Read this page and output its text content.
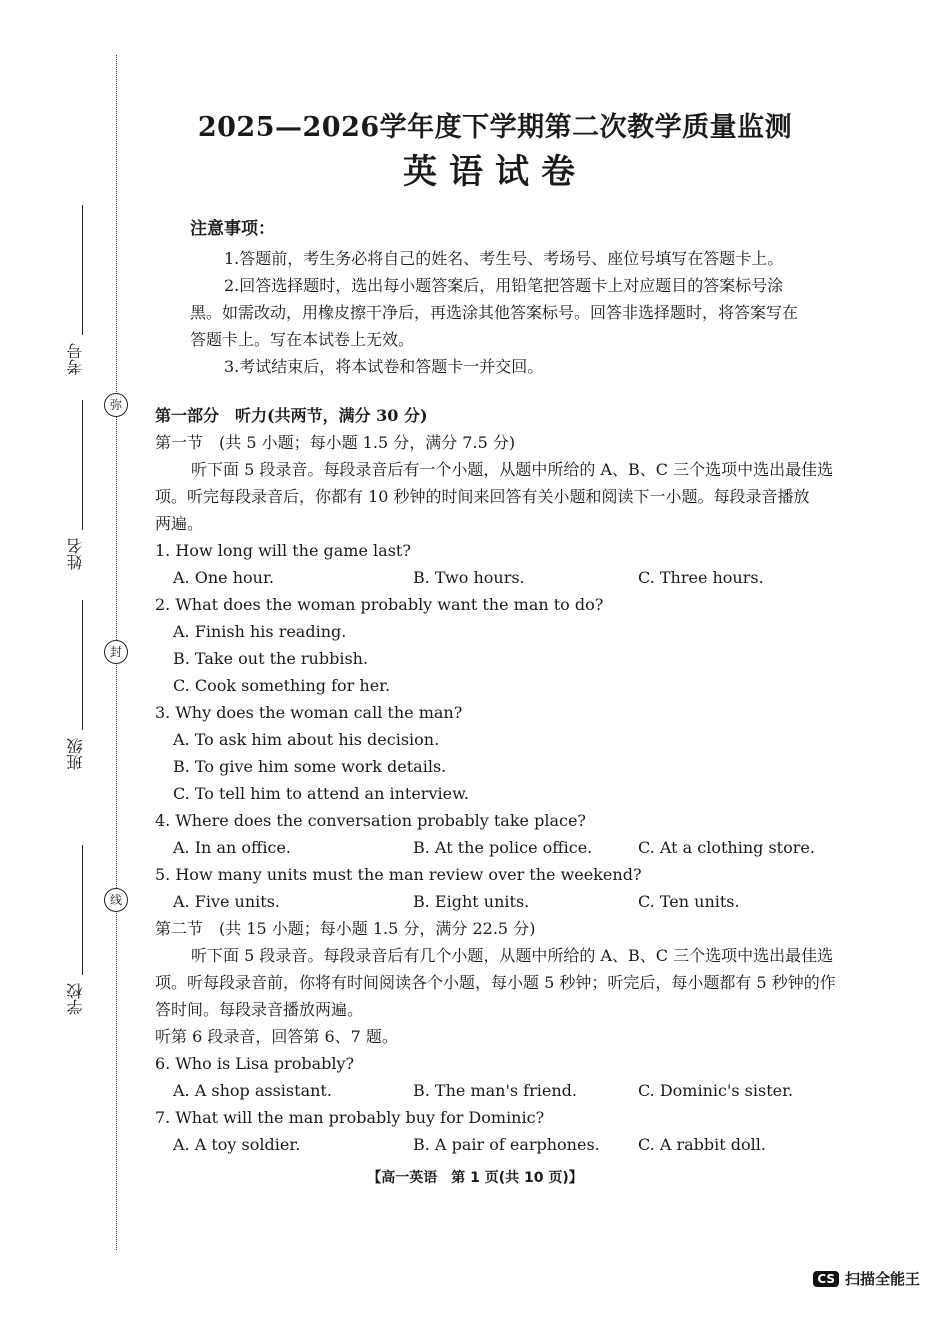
考号
姓名
班级
学校
弥
封
线
2025—2026学年度下学期第二次教学质量监测
英语试卷

注意事项：

1.答题前，考生务必将自己的姓名、考生号、考场号、座位号填写在答题卡上。

2.回答选择题时，选出每小题答案后，用铅笔把答题卡上对应题目的答案标号涂

黑。如需改动，用橡皮擦干净后，再选涂其他答案标号。回答非选择题时，将答案写在

答题卡上。写在本试卷上无效。

3.考试结束后，将本试卷和答题卡一并交回。

第一部分　听力(共两节，满分 30 分)

第一节　(共 5 小题；每小题 1.5 分，满分 7.5 分)

听下面 5 段录音。每段录音后有一个小题，从题中所给的 A、B、C 三个选项中选出最佳选

项。听完每段录音后，你都有 10 秒钟的时间来回答有关小题和阅读下一小题。每段录音播放

两遍。

1. How long will the game last?

A. One hour.	B. Two hours.	C. Three hours.

2. What does the woman probably want the man to do?

A. Finish his reading.

B. Take out the rubbish.

C. Cook something for her.

3. Why does the woman call the man?

A. To ask him about his decision.

B. To give him some work details.

C. To tell him to attend an interview.

4. Where does the conversation probably take place?

A. In an office.	B. At the police office.	C. At a clothing store.

5. How many units must the man review over the weekend?

A. Five units.	B. Eight units.	C. Ten units.

第二节　(共 15 小题；每小题 1.5 分，满分 22.5 分)

听下面 5 段录音。每段录音后有几个小题，从题中所给的 A、B、C 三个选项中选出最佳选

项。听每段录音前，你将有时间阅读各个小题，每小题 5 秒钟；听完后，每小题都有 5 秒钟的作

答时间。每段录音播放两遍。

听第 6 段录音，回答第 6、7 题。

6. Who is Lisa probably?

A. A shop assistant.	B. The man's friend.	C. Dominic's sister.

7. What will the man probably buy for Dominic?

A. A toy soldier.	B. A pair of earphones.	C. A rabbit doll.
【高一英语　第 1 页(共 10 页)】
CS 扫描全能王
